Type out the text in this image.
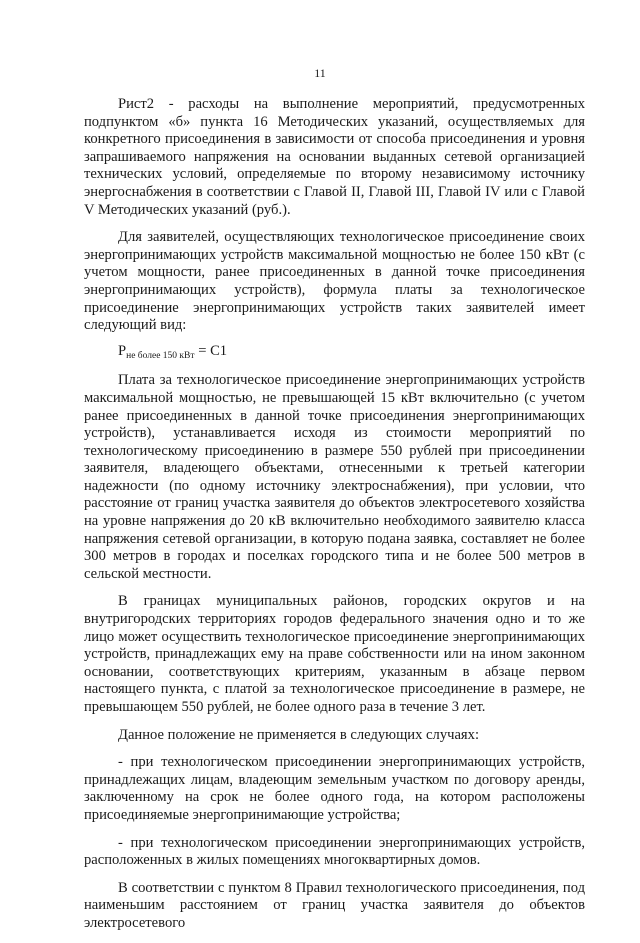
11

Рист2 - расходы на выполнение мероприятий, предусмотренных подпунктом «б» пункта 16 Методических указаний, осуществляемых для конкретного присоединения в зависимости от способа присоединения и уровня запрашиваемого напряжения на основании выданных сетевой организацией технических условий, определяемые по второму независимому источнику энергоснабжения в соответствии с Главой II, Главой III, Главой IV или с Главой V Методических указаний (руб.).

Для заявителей, осуществляющих технологическое присоединение своих энергопринимающих устройств максимальной мощностью не более 150 кВт (с учетом мощности, ранее присоединенных в данной точке присоединения энергопринимающих устройств), формула платы за технологическое присоединение энергопринимающих устройств таких заявителей имеет следующий вид:

$Р_{не более 150 кВт} = С1$

Плата за технологическое присоединение энергопринимающих устройств максимальной мощностью, не превышающей 15 кВт включительно (с учетом ранее присоединенных в данной точке присоединения энергопринимающих устройств), устанавливается исходя из стоимости мероприятий по технологическому присоединению в размере 550 рублей при присоединении заявителя, владеющего объектами, отнесенными к третьей категории надежности (по одному источнику электроснабжения), при условии, что расстояние от границ участка заявителя до объектов электросетевого хозяйства на уровне напряжения до 20 кВ включительно необходимого заявителю класса напряжения сетевой организации, в которую подана заявка, составляет не более 300 метров в городах и поселках городского типа и не более 500 метров в сельской местности.

В границах муниципальных районов, городских округов и на внутригородских территориях городов федерального значения одно и то же лицо может осуществить технологическое присоединение энергопринимающих устройств, принадлежащих ему на праве собственности или на ином законном основании, соответствующих критериям, указанным в абзаце первом настоящего пункта, с платой за технологическое присоединение в размере, не превышающем 550 рублей, не более одного раза в течение 3 лет.

Данное положение не применяется в следующих случаях:

- при технологическом присоединении энергопринимающих устройств, принадлежащих лицам, владеющим земельным участком по договору аренды, заключенному на срок не более одного года, на котором расположены присоединяемые энергопринимающие устройства;

- при технологическом присоединении энергопринимающих устройств, расположенных в жилых помещениях многоквартирных домов.

В соответствии с пунктом 8 Правил технологического присоединения, под наименьшим расстоянием от границ участка заявителя до объектов электросетевого
